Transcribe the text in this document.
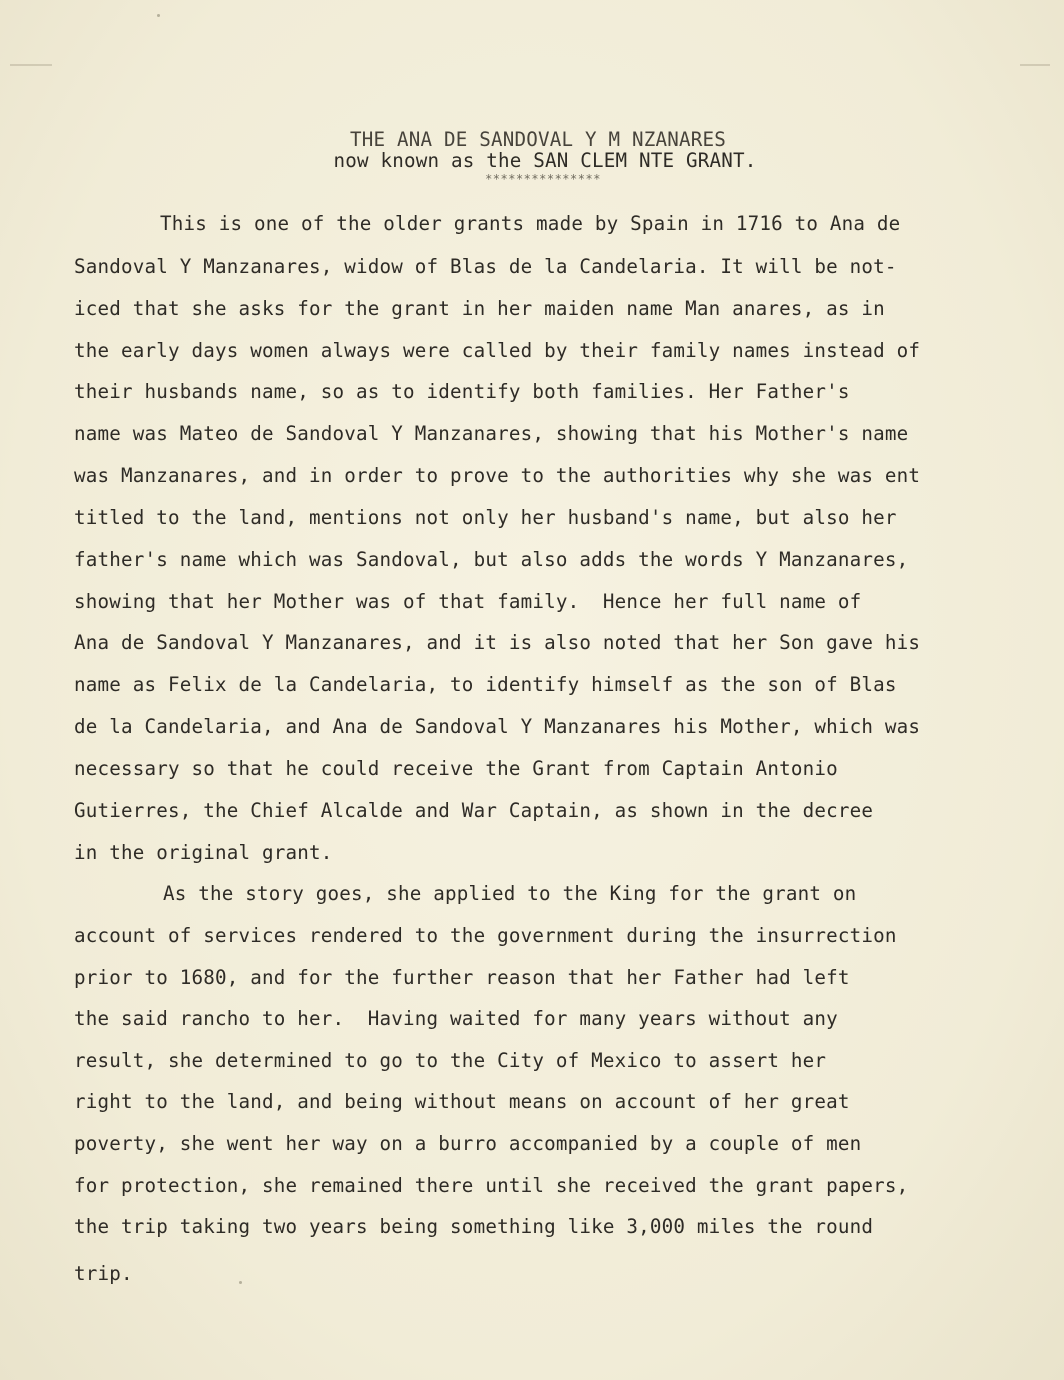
THE ANA DE SANDOVAL Y M NZANARES

now known as the SAN CLEM NTE GRANT.

***************

This is one of the older grants made by Spain in 1716 to Ana de

Sandoval Y Manzanares, widow of Blas de la Candelaria. It will be not-

iced that she asks for the grant in her maiden name Man anares, as in

the early days women always were called by their family names instead of

their husbands name, so as to identify both families. Her Father's

name was Mateo de Sandoval Y Manzanares, showing that his Mother's name

was Manzanares, and in order to prove to the authorities why she was ent

titled to the land, mentions not only her husband's name, but also her

father's name which was Sandoval, but also adds the words Y Manzanares,

showing that her Mother was of that family.  Hence her full name of

Ana de Sandoval Y Manzanares, and it is also noted that her Son gave his

name as Felix de la Candelaria, to identify himself as the son of Blas

de la Candelaria, and Ana de Sandoval Y Manzanares his Mother, which was

necessary so that he could receive the Grant from Captain Antonio

Gutierres, the Chief Alcalde and War Captain, as shown in the decree

in the original grant.

As the story goes, she applied to the King for the grant on

account of services rendered to the government during the insurrection

prior to 1680, and for the further reason that her Father had left

the said rancho to her.  Having waited for many years without any

result, she determined to go to the City of Mexico to assert her

right to the land, and being without means on account of her great

poverty, she went her way on a burro accompanied by a couple of men

for protection, she remained there until she received the grant papers,

the trip taking two years being something like 3,000 miles the round

trip.
